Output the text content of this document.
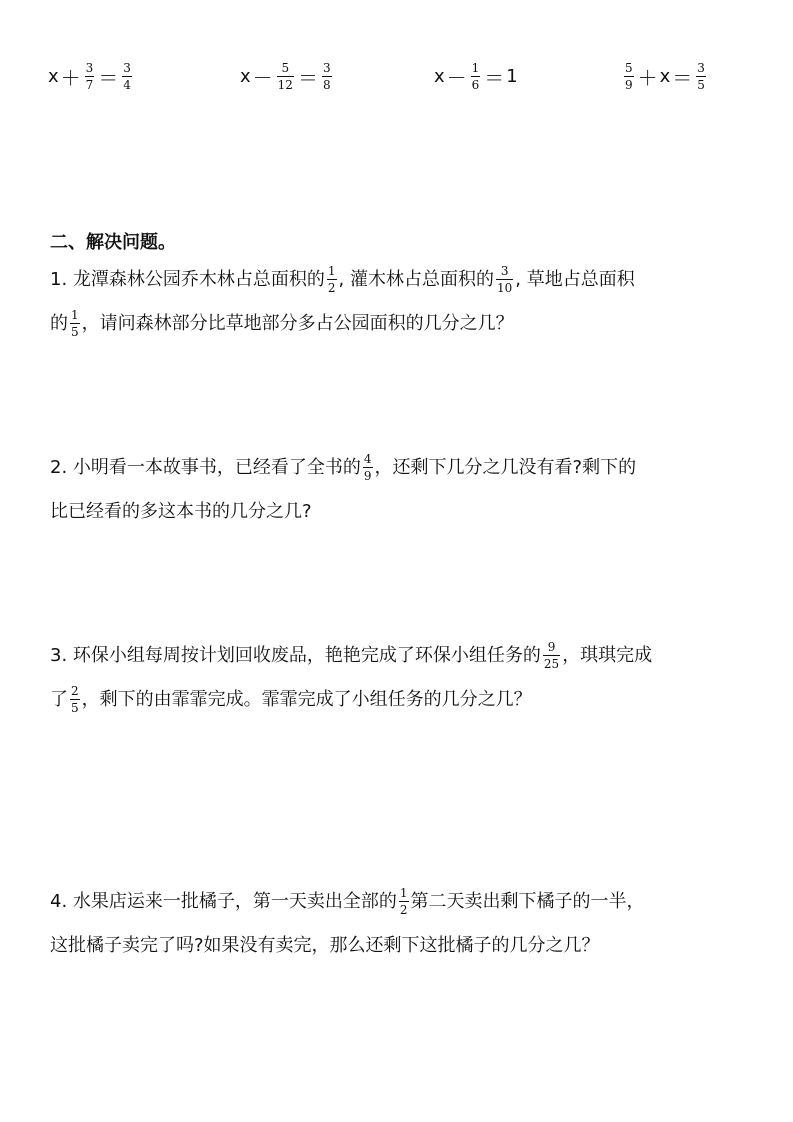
$x + \frac{3}{7} = \frac{3}{4}$	$x - \frac{5}{12} = \frac{3}{8}$	$x - \frac{1}{6} = 1$	$\frac{5}{9} + x = \frac{3}{5}$
二、解决问题。
1. 龙潭森林公园乔木林占总面积的 $\frac{1}{2}$ , 灌木林占总面积的 $\frac{3}{10}$ , 草地占总面积
的 $\frac{1}{5}$ ，请问森林部分比草地部分多占公园面积的几分之几？
2. 小明看一本故事书，已经看了全书的 $\frac{4}{9}$ ，还剩下几分之几没有看?剩下的
比已经看的多这本书的几分之几?
3. 环保小组每周按计划回收废品，艳艳完成了环保小组任务的 $\frac{9}{25}$ ，琪琪完成
了 $\frac{2}{5}$ ，剩下的由霏霏完成。霏霏完成了小组任务的几分之几？
4. 水果店运来一批橘子，第一天卖出全部的 $\frac{1}{2}$ 第二天卖出剩下橘子的一半，
这批橘子卖完了吗?如果没有卖完，那么还剩下这批橘子的几分之几？
